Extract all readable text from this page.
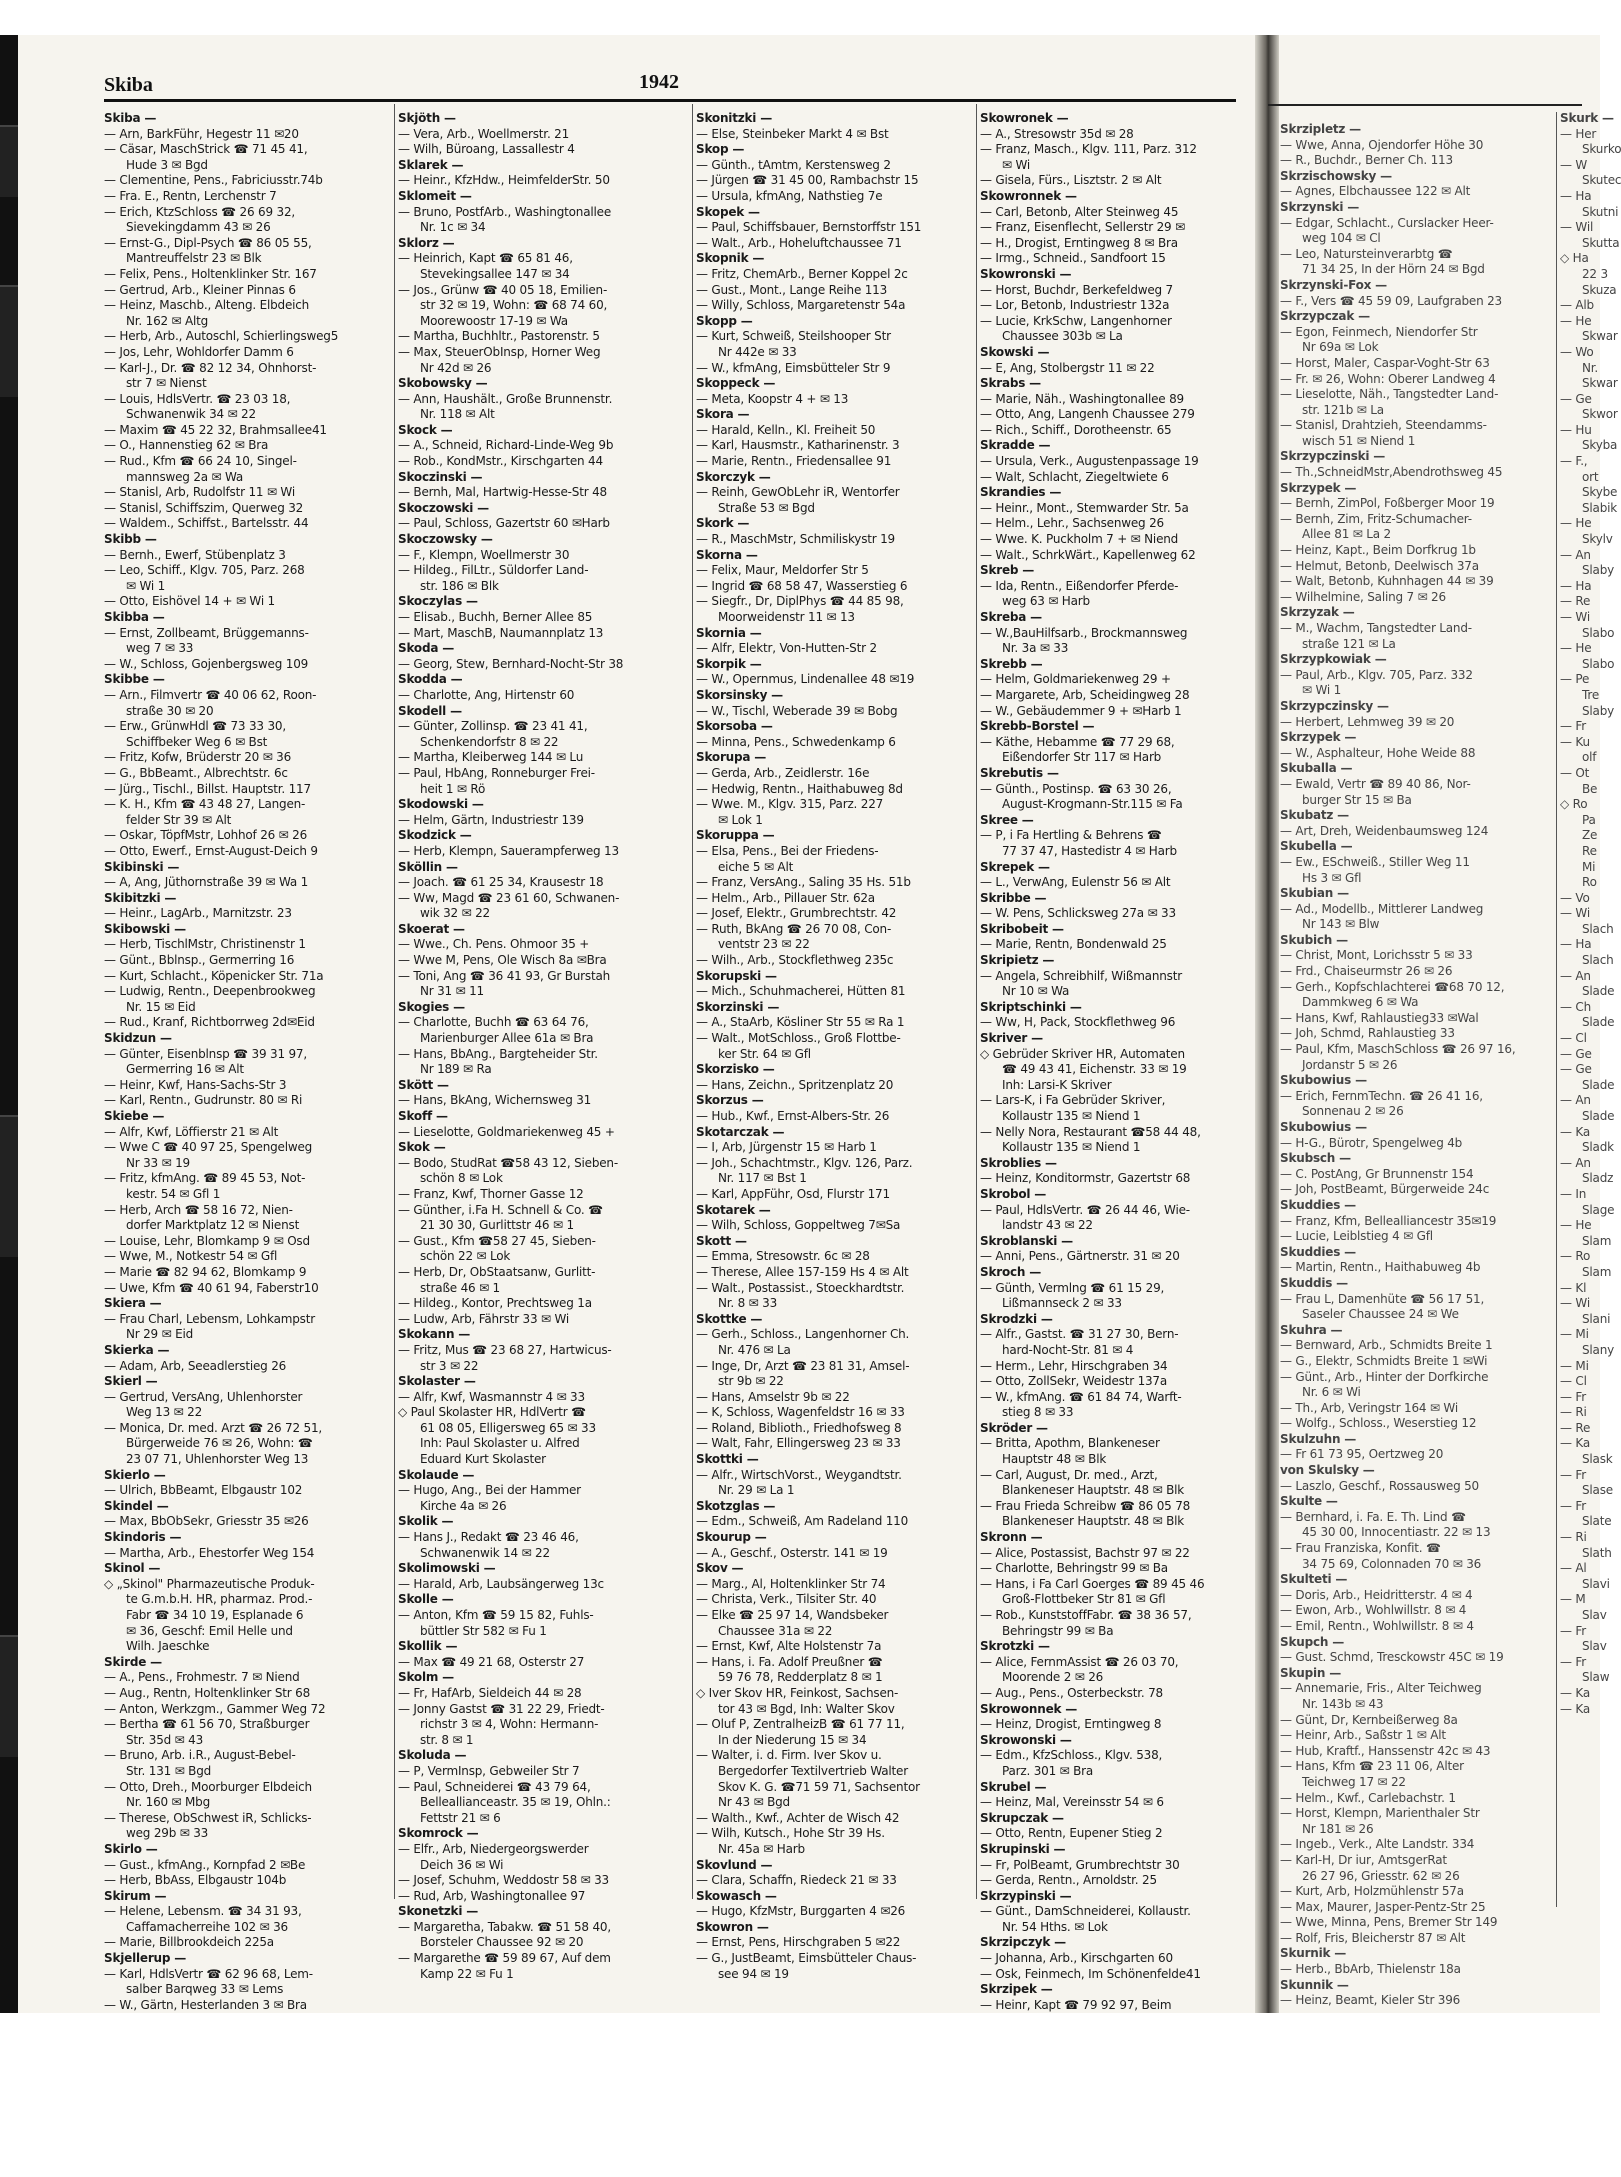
Skiba	1942
Skiba —
— Arn, BarkFühr, Hegestr 11 ✉20
— Cäsar, MaschStrick ☎ 71 45 41,
Hude 3 ✉ Bgd
— Clementine, Pens., Fabriciusstr.74b
— Fra. E., Rentn, Lerchenstr 7
— Erich, KtzSchloss ☎ 26 69 32,
Sievekingdamm 43 ✉ 26
— Ernst-G., Dipl-Psych ☎ 86 05 55,
Mantreuffelstr 23 ✉ Blk
— Felix, Pens., Holtenklinker Str. 167
— Gertrud, Arb., Kleiner Pinnas 6
— Heinz, Maschb., Alteng. Elbdeich
Nr. 162 ✉ Altg
— Herb, Arb., Autoschl, Schierlingsweg5
— Jos, Lehr, Wohldorfer Damm 6
— Karl-J., Dr. ☎ 82 12 34, Ohnhorst-
str 7 ✉ Nienst
— Louis, HdlsVertr. ☎ 23 03 18,
Schwanenwik 34 ✉ 22
— Maxim ☎ 45 22 32, Brahmsallee41
— O., Hannenstieg 62 ✉ Bra
— Rud., Kfm ☎ 66 24 10, Singel-
mannsweg 2a ✉ Wa
— Stanisl, Arb, Rudolfstr 11 ✉ Wi
— Stanisl, Schiffszim, Querweg 32
— Waldem., Schiffst., Bartelsstr. 44
Skibb —
— Bernh., Ewerf, Stübenplatz 3
— Leo, Schiff., Klgv. 705, Parz. 268
✉ Wi 1
— Otto, Eishövel 14 + ✉ Wi 1
Skibba —
— Ernst, Zollbeamt, Brüggemanns-
weg 7 ✉ 33
— W., Schloss, Gojenbergsweg 109
Skibbe —
— Arn., Filmvertr ☎ 40 06 62, Roon-
straße 30 ✉ 20
— Erw., GrünwHdl ☎ 73 33 30,
Schiffbeker Weg 6 ✉ Bst
— Fritz, Kofw, Brüderstr 20 ✉ 36
— G., BbBeamt., Albrechtstr. 6c
— Jürg., Tischl., Billst. Hauptstr. 117
— K. H., Kfm ☎ 43 48 27, Langen-
felder Str 39 ✉ Alt
— Oskar, TöpfMstr, Lohhof 26 ✉ 26
— Otto, Ewerf., Ernst-August-Deich 9
Skibinski —
— A, Ang, Jüthornstraße 39 ✉ Wa 1
Skibitzki —
— Heinr., LagArb., Marnitzstr. 23
Skibowski —
— Herb, TischlMstr, Christinenstr 1
— Günt., Bblnsp., Germerring 16
— Kurt, Schlacht., Köpenicker Str. 71a
— Ludwig, Rentn., Deepenbrookweg
Nr. 15 ✉ Eid
— Rud., Kranf, Richtborrweg 2d✉Eid
Skidzun —
— Günter, Eisenblnsp ☎ 39 31 97,
Germerring 16 ✉ Alt
— Heinr, Kwf, Hans-Sachs-Str 3
— Karl, Rentn., Gudrunstr. 80 ✉ Ri
Skiebe —
— Alfr, Kwf, Löffierstr 21 ✉ Alt
— Wwe C ☎ 40 97 25, Spengelweg
Nr 33 ✉ 19
— Fritz, kfmAng. ☎ 89 45 53, Not-
kestr. 54 ✉ Gfl 1
— Herb, Arch ☎ 58 16 72, Nien-
dorfer Marktplatz 12 ✉ Nienst
— Louise, Lehr, Blomkamp 9 ✉ Osd
— Wwe, M., Notkestr 54 ✉ Gfl
— Marie ☎ 82 94 62, Blomkamp 9
— Uwe, Kfm ☎ 40 61 94, Faberstr10
Skiera —
— Frau Charl, Lebensm, Lohkampstr
Nr 29 ✉ Eid
Skierka —
— Adam, Arb, Seeadlerstieg 26
Skierl —
— Gertrud, VersAng, Uhlenhorster
Weg 13 ✉ 22
— Monica, Dr. med. Arzt ☎ 26 72 51,
Bürgerweide 76 ✉ 26, Wohn: ☎
23 07 71, Uhlenhorster Weg 13
Skierlo —
— Ulrich, BbBeamt, Elbgaustr 102
Skindel —
— Max, BbObSekr, Griesstr 35 ✉26
Skindoris —
— Martha, Arb., Ehestorfer Weg 154
Skinol —
◇ „Skinol" Pharmazeutische Produk-
te G.m.b.H. HR, pharmaz. Prod.-
Fabr ☎ 34 10 19, Esplanade 6
✉ 36, Geschf: Emil Helle und
Wilh. Jaeschke
Skirde —
— A., Pens., Frohmestr. 7 ✉ Niend
— Aug., Rentn, Holtenklinker Str 68
— Anton, Werkzgm., Gammer Weg 72
— Bertha ☎ 61 56 70, Straßburger
Str. 35d ✉ 43
— Bruno, Arb. i.R., August-Bebel-
Str. 131 ✉ Bgd
— Otto, Dreh., Moorburger Elbdeich
Nr. 160 ✉ Mbg
— Therese, ObSchwest iR, Schlicks-
weg 29b ✉ 33
Skirlo —
— Gust., kfmAng., Kornpfad 2 ✉Be
— Herb, BbAss, Elbgaustr 104b
Skirum —
— Helene, Lebensm. ☎ 34 31 93,
Caffamacherreihe 102 ✉ 36
— Marie, Billbrookdeich 225a
Skjellerup —
— Karl, HdlsVertr ☎ 62 96 68, Lem-
salber Barqweg 33 ✉ Lems
— W., Gärtn, Hesterlanden 3 ✉ Bra
Skjöth —
— Vera, Arb., Woellmerstr. 21
— Wilh, Büroang, Lassallestr 4
Sklarek —
— Heinr., KfzHdw., HeimfelderStr. 50
Sklomeit —
— Bruno, PostfArb., Washingtonallee
Nr. 1c ✉ 34
Sklorz —
— Heinrich, Kapt ☎ 65 81 46,
Stevekingsallee 147 ✉ 34
— Jos., Grünw ☎ 40 05 18, Emilien-
str 32 ✉ 19, Wohn: ☎ 68 74 60,
Moorewoostr 17-19 ✉ Wa
— Martha, Buchhltr., Pastorenstr. 5
— Max, SteuerObInsp, Horner Weg
Nr 42d ✉ 26
Skobowsky —
— Ann, Haushält., Große Brunnenstr.
Nr. 118 ✉ Alt
Skock —
— A., Schneid, Richard-Linde-Weg 9b
— Rob., KondMstr., Kirschgarten 44
Skoczinski —
— Bernh, Mal, Hartwig-Hesse-Str 48
Skoczowski —
— Paul, Schloss, Gazertstr 60 ✉Harb
Skoczowsky —
— F., Klempn, Woellmerstr 30
— Hildeg., FilLtr., Süldorfer Land-
str. 186 ✉ Blk
Skoczylas —
— Elisab., Buchh, Berner Allee 85
— Mart, MaschB, Naumannplatz 13
Skoda —
— Georg, Stew, Bernhard-Nocht-Str 38
Skodda —
— Charlotte, Ang, Hirtenstr 60
Skodell —
— Günter, Zollinsp. ☎ 23 41 41,
Schenkendorfstr 8 ✉ 22
— Martha, Kleiberweg 144 ✉ Lu
— Paul, HbAng, Ronneburger Frei-
heit 1 ✉ Rö
Skodowski —
— Helm, Gärtn, Industriestr 139
Skodzick —
— Herb, Klempn, Sauerampferweg 13
Sköllin —
— Joach. ☎ 61 25 34, Krausestr 18
— Ww, Magd ☎ 23 61 60, Schwanen-
wik 32 ✉ 22
Skoerat —
— Wwe., Ch. Pens. Ohmoor 35 +
— Wwe M, Pens, Ole Wisch 8a ✉Bra
— Toni, Ang ☎ 36 41 93, Gr Burstah
Nr 31 ✉ 11
Skogies —
— Charlotte, Buchh ☎ 63 64 76,
Marienburger Allee 61a ✉ Bra
— Hans, BbAng., Bargteheider Str.
Nr 189 ✉ Ra
Skött —
— Hans, BkAng, Wichernsweg 31
Skoff —
— Lieselotte, Goldmariekenweg 45 +
Skok —
— Bodo, StudRat ☎58 43 12, Sieben-
schön 8 ✉ Lok
— Franz, Kwf, Thorner Gasse 12
— Günther, i.Fa H. Schnell & Co. ☎
21 30 30, Gurlittstr 46 ✉ 1
— Gust., Kfm ☎58 27 45, Sieben-
schön 22 ✉ Lok
— Herb, Dr, ObStaatsanw, Gurlitt-
straße 46 ✉ 1
— Hildeg., Kontor, Prechtsweg 1a
— Ludw, Arb, Fährstr 33 ✉ Wi
Skokann —
— Fritz, Mus ☎ 23 68 27, Hartwicus-
str 3 ✉ 22
Skolaster —
— Alfr, Kwf, Wasmannstr 4 ✉ 33
◇ Paul Skolaster HR, HdlVertr ☎
61 08 05, Elligersweg 65 ✉ 33
Inh: Paul Skolaster u. Alfred
Eduard Kurt Skolaster
Skolaude —
— Hugo, Ang., Bei der Hammer
Kirche 4a ✉ 26
Skolik —
— Hans J., Redakt ☎ 23 46 46,
Schwanenwik 14 ✉ 22
Skolimowski —
— Harald, Arb, Laubsängerweg 13c
Skolle —
— Anton, Kfm ☎ 59 15 82, Fuhls-
büttler Str 582 ✉ Fu 1
Skollik —
— Max ☎ 49 21 68, Osterstr 27
Skolm —
— Fr, HafArb, Sieldeich 44 ✉ 28
— Jonny Gastst ☎ 31 22 29, Friedt-
richstr 3 ✉ 4, Wohn: Hermann-
str. 8 ✉ 1
Skoluda —
— P, VermInsp, Gebweiler Str 7
— Paul, Schneiderei ☎ 43 79 64,
Belleallianceastr. 35 ✉ 19, Ohln.:
Fettstr 21 ✉ 6
Skomrock —
— Elfr., Arb, Niedergeorgswerder
Deich 36 ✉ Wi
— Josef, Schuhm, Weddostr 58 ✉ 33
— Rud, Arb, Washingtonallee 97
Skonetzki —
— Margaretha, Tabakw. ☎ 51 58 40,
Borsteler Chaussee 92 ✉ 20
— Margarethe ☎ 59 89 67, Auf dem
Kamp 22 ✉ Fu 1
Skonitzki —
— Else, Steinbeker Markt 4 ✉ Bst
Skop —
— Günth., tAmtm, Kerstensweg 2
— Jürgen ☎ 31 45 00, Rambachstr 15
— Ursula, kfmAng, Nathstieg 7e
Skopek —
— Paul, Schiffsbauer, Bernstorffstr 151
— Walt., Arb., Hoheluftchaussee 71
Skopnik —
— Fritz, ChemArb., Berner Koppel 2c
— Gust., Mont., Lange Reihe 113
— Willy, Schloss, Margaretenstr 54a
Skopp —
— Kurt, Schweiß, Steilshooper Str
Nr 442e ✉ 33
— W., kfmAng, Eimsbütteler Str 9
Skoppeck —
— Meta, Koopstr 4 + ✉ 13
Skora —
— Harald, Kelln., Kl. Freiheit 50
— Karl, Hausmstr., Katharinenstr. 3
— Marie, Rentn., Friedensallee 91
Skorczyk —
— Reinh, GewObLehr iR, Wentorfer
Straße 53 ✉ Bgd
Skork —
— R., MaschMstr, Schmiliskystr 19
Skorna —
— Felix, Maur, Meldorfer Str 5
— Ingrid ☎ 68 58 47, Wasserstieg 6
— Siegfr., Dr, DiplPhys ☎ 44 85 98,
Moorweidenstr 11 ✉ 13
Skornia —
— Alfr, Elektr, Von-Hutten-Str 2
Skorpik —
— W., Opernmus, Lindenallee 48 ✉19
Skorsinsky —
— W., Tischl, Weberade 39 ✉ Bobg
Skorsoba —
— Minna, Pens., Schwedenkamp 6
Skorupa —
— Gerda, Arb., Zeidlerstr. 16e
— Hedwig, Rentn., Haithabuweg 8d
— Wwe. M., Klgv. 315, Parz. 227
✉ Lok 1
Skoruppa —
— Elsa, Pens., Bei der Friedens-
eiche 5 ✉ Alt
— Franz, VersAng., Saling 35 Hs. 51b
— Helm., Arb., Pillauer Str. 62a
— Josef, Elektr., Grumbrechtstr. 42
— Ruth, BkAng ☎ 26 70 08, Con-
ventstr 23 ✉ 22
— Wilh., Arb., Stockflethweg 235c
Skorupski —
— Mich., Schuhmacherei, Hütten 81
Skorzinski —
— A., StaArb, Kösliner Str 55 ✉ Ra 1
— Walt., MotSchloss., Groß Flottbe-
ker Str. 64 ✉ Gfl
Skorzisko —
— Hans, Zeichn., Spritzenplatz 20
Skorzus —
— Hub., Kwf., Ernst-Albers-Str. 26
Skotarczak —
— I, Arb, Jürgenstr 15 ✉ Harb 1
— Joh., Schachtmstr., Klgv. 126, Parz.
Nr. 117 ✉ Bst 1
— Karl, AppFühr, Osd, Flurstr 171
Skotarek —
— Wilh, Schloss, Goppeltweg 7✉Sa
Skott —
— Emma, Stresowstr. 6c ✉ 28
— Therese, Allee 157-159 Hs 4 ✉ Alt
— Walt., Postassist., Stoeckhardtstr.
Nr. 8 ✉ 33
Skottke —
— Gerh., Schloss., Langenhorner Ch.
Nr. 476 ✉ La
— Inge, Dr, Arzt ☎ 23 81 31, Amsel-
str 9b ✉ 22
— Hans, Amselstr 9b ✉ 22
— K, Schloss, Wagenfeldstr 16 ✉ 33
— Roland, Biblioth., Friedhofsweg 8
— Walt, Fahr, Ellingersweg 23 ✉ 33
Skottki —
— Alfr., WirtschVorst., Weygandtstr.
Nr. 29 ✉ La 1
Skotzglas —
— Edm., Schweiß, Am Radeland 110
Skourup —
— A., Geschf., Osterstr. 141 ✉ 19
Skov —
— Marg., Al, Holtenklinker Str 74
— Christa, Verk., Tilsiter Str. 40
— Elke ☎ 25 97 14, Wandsbeker
Chaussee 31a ✉ 22
— Ernst, Kwf, Alte Holstenstr 7a
— Hans, i. Fa. Adolf Preußner ☎
59 76 78, Redderplatz 8 ✉ 1
◇ Iver Skov HR, Feinkost, Sachsen-
tor 43 ✉ Bgd, Inh: Walter Skov
— Oluf P, ZentralheizB ☎ 61 77 11,
In der Niederung 15 ✉ 34
— Walter, i. d. Firm. Iver Skov u.
Bergedorfer Textilvertrieb Walter
Skov K. G. ☎71 59 71, Sachsentor
Nr 43 ✉ Bgd
— Walth., Kwf., Achter de Wisch 42
— Wilh, Kutsch., Hohe Str 39 Hs.
Nr. 45a ✉ Harb
Skovlund —
— Clara, Schaffn, Riedeck 21 ✉ 33
Skowasch —
— Hugo, KfzMstr, Burggarten 4 ✉26
Skowron —
— Ernst, Pens, Hirschgraben 5 ✉22
— G., JustBeamt, Eimsbütteler Chaus-
see 94 ✉ 19
Skowronek —
— A., Stresowstr 35d ✉ 28
— Franz, Masch., Klgv. 111, Parz. 312
✉ Wi
— Gisela, Fürs., Lisztstr. 2 ✉ Alt
Skowronnek —
— Carl, Betonb, Alter Steinweg 45
— Franz, Eisenflecht, Sellerstr 29 ✉
— H., Drogist, Erntingweg 8 ✉ Bra
— Irmg., Schneid., Sandfoort 15
Skowronski —
— Horst, Buchdr, Berkefeldweg 7
— Lor, Betonb, Industriestr 132a
— Lucie, KrkSchw, Langenhorner
Chaussee 303b ✉ La
Skowski —
— E, Ang, Stolbergstr 11 ✉ 22
Skrabs —
— Marie, Näh., Washingtonallee 89
— Otto, Ang, Langenh Chaussee 279
— Rich., Schiff., Dorotheenstr. 65
Skradde —
— Ursula, Verk., Augustenpassage 19
— Walt, Schlacht, Ziegeltwiete 6
Skrandies —
— Heinr., Mont., Stemwarder Str. 5a
— Helm., Lehr., Sachsenweg 26
— Wwe. K. Puckholm 7 + ✉ Niend
— Walt., SchrkWärt., Kapellenweg 62
Skreb —
— Ida, Rentn., Eißendorfer Pferde-
weg 63 ✉ Harb
Skreba —
— W.,BauHilfsarb., Brockmannsweg
Nr. 3a ✉ 33
Skrebb —
— Helm, Goldmariekenweg 29 +
— Margarete, Arb, Scheidingweg 28
— W., Gebäudemmer 9 + ✉Harb 1
Skrebb-Borstel —
— Käthe, Hebamme ☎ 77 29 68,
Eißendorfer Str 117 ✉ Harb
Skrebutis —
— Günth., Postinsp. ☎ 63 30 26,
August-Krogmann-Str.115 ✉ Fa
Skree —
— P, i Fa Hertling & Behrens ☎
77 37 47, Hastedistr 4 ✉ Harb
Skrepek —
— L., VerwAng, Eulenstr 56 ✉ Alt
Skribbe —
— W. Pens, Schlicksweg 27a ✉ 33
Skribobeit —
— Marie, Rentn, Bondenwald 25
Skripietz —
— Angela, Schreibhilf, Wißmannstr
Nr 10 ✉ Wa
Skriptschinki —
— Ww, H, Pack, Stockflethweg 96
Skriver —
◇ Gebrüder Skriver HR, Automaten
☎ 49 43 41, Eichenstr. 33 ✉ 19
Inh: Larsi-K Skriver
— Lars-K, i Fa Gebrüder Skriver,
Kollaustr 135 ✉ Niend 1
— Nelly Nora, Restaurant ☎58 44 48,
Kollaustr 135 ✉ Niend 1
Skroblies —
— Heinz, Konditormstr, Gazertstr 68
Skrobol —
— Paul, HdlsVertr. ☎ 26 44 46, Wie-
landstr 43 ✉ 22
Skroblanski —
— Anni, Pens., Gärtnerstr. 31 ✉ 20
Skroch —
— Günth, Vermlng ☎ 61 15 29,
Lißmannseck 2 ✉ 33
Skrodzki —
— Alfr., Gastst. ☎ 31 27 30, Bern-
hard-Nocht-Str. 81 ✉ 4
— Herm., Lehr, Hirschgraben 34
— Otto, ZollSekr, Weidestr 137a
— W., kfmAng. ☎ 61 84 74, Warft-
stieg 8 ✉ 33
Skröder —
— Britta, Apothm, Blankeneser
Hauptstr 48 ✉ Blk
— Carl, August, Dr. med., Arzt,
Blankeneser Hauptstr. 48 ✉ Blk
— Frau Frieda Schreibw ☎ 86 05 78
Blankeneser Hauptstr. 48 ✉ Blk
Skronn —
— Alice, Postassist, Bachstr 97 ✉ 22
— Charlotte, Behringstr 99 ✉ Ba
— Hans, i Fa Carl Goerges ☎ 89 45 46
Groß-Flottbeker Str 81 ✉ Gfl
— Rob., KunststoffFabr. ☎ 38 36 57,
Behringstr 99 ✉ Ba
Skrotzki —
— Alice, FernmAssist ☎ 26 03 70,
Moorende 2 ✉ 26
— Aug., Pens., Osterbeckstr. 78
Skrowonnek —
— Heinz, Drogist, Erntingweg 8
Skrowonski —
— Edm., KfzSchloss., Klgv. 538,
Parz. 301 ✉ Bra
Skrubel —
— Heinz, Mal, Vereinsstr 54 ✉ 6
Skrupczak —
— Otto, Rentn, Eupener Stieg 2
Skrupinski —
— Fr, PolBeamt, Grumbrechtstr 30
— Gerda, Rentn., Arnoldstr. 25
Skrzypinski —
— Günt., DamSchneiderei, Kollaustr.
Nr. 54 Hths. ✉ Lok
Skrzipczyk —
— Johanna, Arb., Kirschgarten 60
— Osk, Feinmech, Im Schönenfelde41
Skrzipek —
— Heinr, Kapt ☎ 79 92 97, Beim
Skrzipletz —
— Wwe, Anna, Ojendorfer Höhe 30
— R., Buchdr., Berner Ch. 113
Skrzischowsky —
— Agnes, Elbchaussee 122 ✉ Alt
Skrzynski —
— Edgar, Schlacht., Curslacker Heer-
weg 104 ✉ Cl
— Leo, Natursteinverarbtg ☎
71 34 25, In der Hörn 24 ✉ Bgd
Skrzynski-Fox —
— F., Vers ☎ 45 59 09, Laufgraben 23
Skrzypczak —
— Egon, Feinmech, Niendorfer Str
Nr 69a ✉ Lok
— Horst, Maler, Caspar-Voght-Str 63
— Fr. ✉ 26, Wohn: Oberer Landweg 4
— Lieselotte, Näh., Tangstedter Land-
str. 121b ✉ La
— Stanisl, Drahtzieh, Steendamms-
wisch 51 ✉ Niend 1
Skrzypczinski —
— Th.,SchneidMstr,Abendrothsweg 45
Skrzypek —
— Bernh, ZimPol, Foßberger Moor 19
— Bernh, Zim, Fritz-Schumacher-
Allee 81 ✉ La 2
— Heinz, Kapt., Beim Dorfkrug 1b
— Helmut, Betonb, Deelwisch 37a
— Walt, Betonb, Kuhnhagen 44 ✉ 39
— Wilhelmine, Saling 7 ✉ 26
Skrzyzak —
— M., Wachm, Tangstedter Land-
straße 121 ✉ La
Skrzypkowiak —
— Paul, Arb., Klgv. 705, Parz. 332
✉ Wi 1
Skrzypczinsky —
— Herbert, Lehmweg 39 ✉ 20
Skrzypek —
— W., Asphalteur, Hohe Weide 88
Skuballa —
— Ewald, Vertr ☎ 89 40 86, Nor-
burger Str 15 ✉ Ba
Skubatz —
— Art, Dreh, Weidenbaumsweg 124
Skubella —
— Ew., ESchweiß., Stiller Weg 11
Hs 3 ✉ Gfl
Skubian —
— Ad., Modellb., Mittlerer Landweg
Nr 143 ✉ Blw
Skubich —
— Christ, Mont, Lorichsstr 5 ✉ 33
— Frd., Chaiseurmstr 26 ✉ 26
— Gerh., Kopfschlachterei ☎68 70 12,
Dammkweg 6 ✉ Wa
— Hans, Kwf, Rahlaustieg33 ✉Wal
— Joh, Schmd, Rahlaustieg 33
— Paul, Kfm, MaschSchloss ☎ 26 97 16,
Jordanstr 5 ✉ 26
Skubowius —
— Erich, FernmTechn. ☎ 26 41 16,
Sonnenau 2 ✉ 26
Skubowius —
— H-G., Bürotr, Spengelweg 4b
Skubsch —
— C. PostAng, Gr Brunnenstr 154
— Joh, PostBeamt, Bürgerweide 24c
Skuddies —
— Franz, Kfm, Bellealliancestr 35✉19
— Lucie, Leiblstieg 4 ✉ Gfl
Skuddies —
— Martin, Rentn., Haithabuweg 4b
Skuddis —
— Frau L, Damenhüte ☎ 56 17 51,
Saseler Chaussee 24 ✉ We
Skuhra —
— Bernward, Arb., Schmidts Breite 1
— G., Elektr, Schmidts Breite 1 ✉Wi
— Günt., Arb., Hinter der Dorfkirche
Nr. 6 ✉ Wi
— Th., Arb, Veringstr 164 ✉ Wi
— Wolfg., Schloss., Weserstieg 12
Skulzuhn —
— Fr 61 73 95, Oertzweg 20
von Skulsky —
— Laszlo, Geschf., Rossausweg 50
Skulte —
— Bernhard, i. Fa. E. Th. Lind ☎
45 30 00, Innocentiastr. 22 ✉ 13
— Frau Franziska, Konfit. ☎
34 75 69, Colonnaden 70 ✉ 36
Skulteti —
— Doris, Arb., Heidritterstr. 4 ✉ 4
— Ewon, Arb., Wohlwillstr. 8 ✉ 4
— Emil, Rentn., Wohlwillstr. 8 ✉ 4
Skupch —
— Gust. Schmd, Tresckowstr 45C ✉ 19
Skupin —
— Annemarie, Fris., Alter Teichweg
Nr. 143b ✉ 43
— Günt, Dr, Kernbeißerweg 8a
— Heinr, Arb., Saßstr 1 ✉ Alt
— Hub, Kraftf., Hanssenstr 42c ✉ 43
— Hans, Kfm ☎ 23 11 06, Alter
Teichweg 17 ✉ 22
— Helm., Kwf., Carlebachstr. 1
— Horst, Klempn, Marienthaler Str
Nr 181 ✉ 26
— Ingeb., Verk., Alte Landstr. 334
— Karl-H, Dr iur, AmtsgerRat
26 27 96, Griesstr. 62 ✉ 26
— Kurt, Arb, Holzmühlenstr 57a
— Max, Maurer, Jasper-Pentz-Str 25
— Wwe, Minna, Pens, Bremer Str 149
— Rolf, Fris, Bleicherstr 87 ✉ Alt
Skurnik —
— Herb., BbArb, Thielenstr 18a
Skunnik —
— Heinz, Beamt, Kieler Str 396
Skurk —
— Her
Skurko
— W
Skutec
— Ha
Skutni
— Wil
Skutta
◇ Ha
22 3
Skuza
— Alb
— He
Skwar
— Wo
Nr.
Skwar
— Ge
Skwor
— Hu
Skyba
— F.,
ort
Skybe
Slabik
— He
Skylv
— An
Slaby
— Ha
— Re
— Wi
Slabo
— He
Slabo
— Pe
Tre
Slaby
— Fr
— Ku
olf
— Ot
Be
◇ Ro
Pa
Ze
Re
Mi
Ro
— Vo
— Wi
Slach
— Ha
Slach
— An
Slade
— Ch
Slade
— Cl
— Ge
— Ge
Slade
— An
Slade
— Ka
Sladk
— An
Sladz
— In
Slage
— He
Slam
— Ro
Slam
— Kl
— Wi
Slani
— Mi
Slany
— Mi
— Cl
— Fr
— Ri
— Re
— Ka
Slask
— Fr
Slase
— Fr
Slate
— Ri
Slath
— Al
Slavi
— M
Slav
— Fr
Slav
— Fr
Slaw
— Ka
— Ka
